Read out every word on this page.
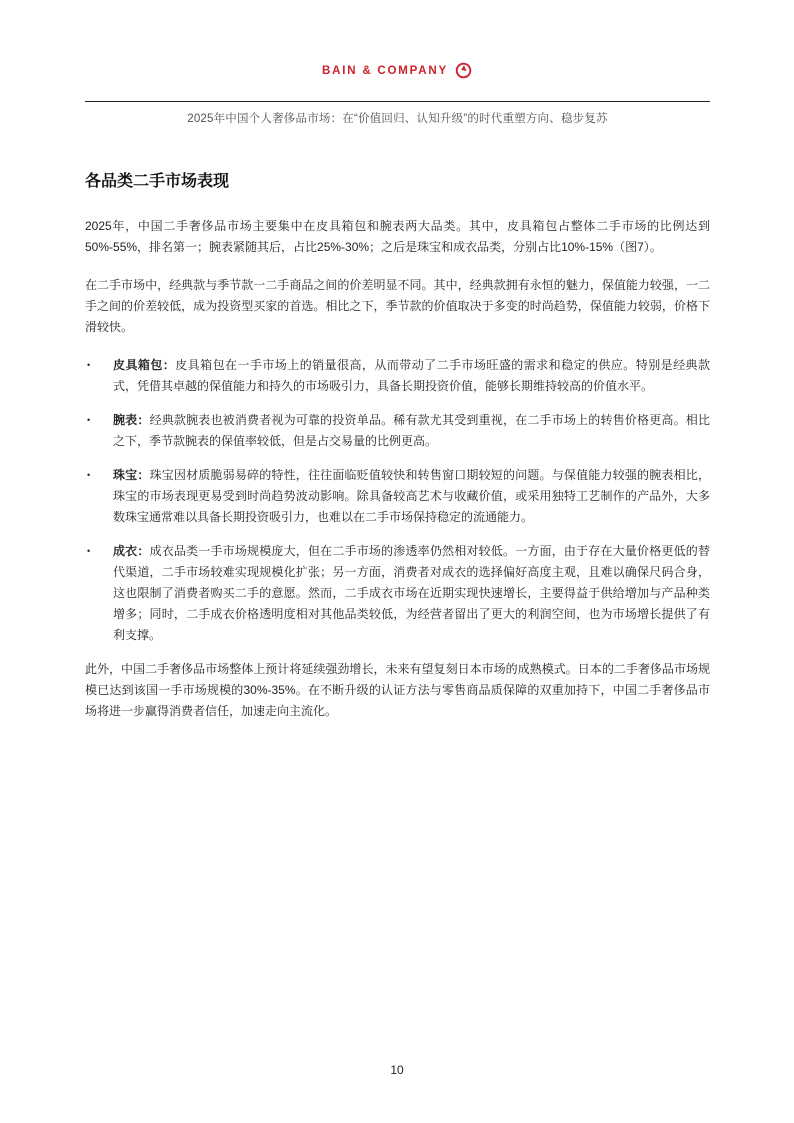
BAIN & COMPANY
2025年中国个人奢侈品市场：在“价值回归、认知升级”的时代重塑方向、稳步复苏
各品类二手市场表现

2025年，中国二手奢侈品市场主要集中在皮具箱包和腕表两大品类。其中，皮具箱包占整体二手市场的比例达到50%-55%，排名第一；腕表紧随其后，占比25%-30%；之后是珠宝和成衣品类，分别占比10%-15%（图7）。

在二手市场中，经典款与季节款一二手商品之间的价差明显不同。其中，经典款拥有永恒的魅力，保值能力较强，一二手之间的价差较低，成为投资型买家的首选。相比之下，季节款的价值取决于多变的时尚趋势，保值能力较弱，价格下滑较快。

• 皮具箱包：皮具箱包在一手市场上的销量很高，从而带动了二手市场旺盛的需求和稳定的供应。特别是经典款式，凭借其卓越的保值能力和持久的市场吸引力，具备长期投资价值，能够长期维持较高的价值水平。
• 腕表：经典款腕表也被消费者视为可靠的投资单品。稀有款尤其受到重视，在二手市场上的转售价格更高。相比之下，季节款腕表的保值率较低，但是占交易量的比例更高。
• 珠宝：珠宝因材质脆弱易碎的特性，往往面临贬值较快和转售窗口期较短的问题。与保值能力较强的腕表相比，珠宝的市场表现更易受到时尚趋势波动影响。除具备较高艺术与收藏价值，或采用独特工艺制作的产品外，大多数珠宝通常难以具备长期投资吸引力，也难以在二手市场保持稳定的流通能力。
• 成衣：成衣品类一手市场规模庞大，但在二手市场的渗透率仍然相对较低。一方面，由于存在大量价格更低的替代渠道，二手市场较难实现规模化扩张；另一方面，消费者对成衣的选择偏好高度主观，且难以确保尺码合身，这也限制了消费者购买二手的意愿。然而，二手成衣市场在近期实现快速增长，主要得益于供给增加与产品种类增多；同时，二手成衣价格透明度相对其他品类较低，为经营者留出了更大的利润空间，也为市场增长提供了有利支撑。

此外，中国二手奢侈品市场整体上预计将延续强劲增长，未来有望复刻日本市场的成熟模式。日本的二手奢侈品市场规模已达到该国一手市场规模的30%-35%。在不断升级的认证方法与零售商品质保障的双重加持下，中国二手奢侈品市场将进一步赢得消费者信任，加速走向主流化。

10
